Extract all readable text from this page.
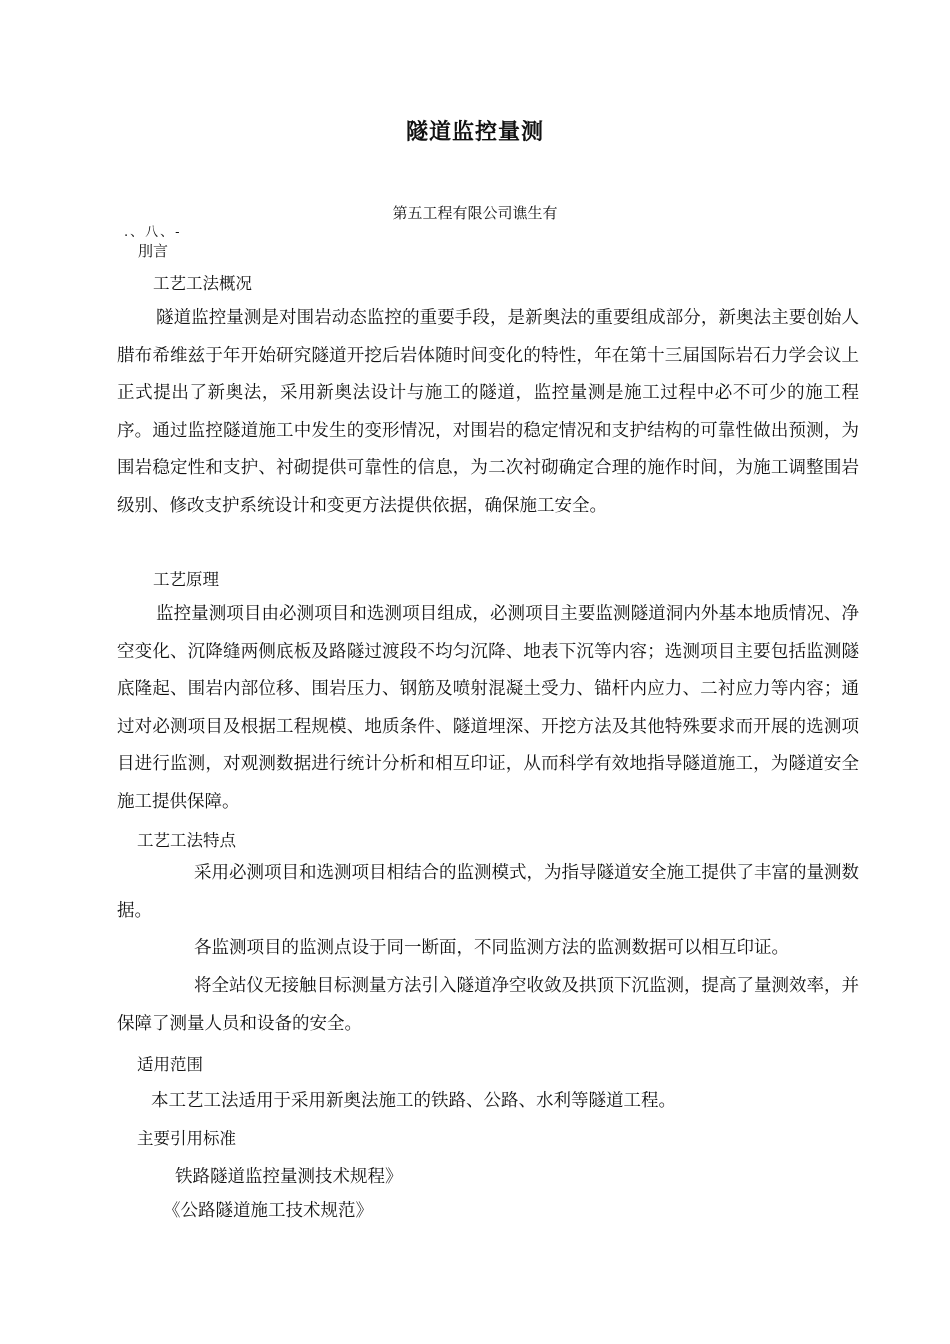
隧道监控量测
第五工程有限公司谯生有
.、八、-
刖言
工艺工法概况
隧道监控量测是对围岩动态监控的重要手段，是新奥法的重要组成部分，新奥法主要创始人腊布希维兹于年开始研究隧道开挖后岩体随时间变化的特性，年在第十三届国际岩石力学会议上正式提出了新奥法，采用新奥法设计与施工的隧道，监控量测是施工过程中必不可少的施工程序。通过监控隧道施工中发生的变形情况，对围岩的稳定情况和支护结构的可靠性做出预测，为围岩稳定性和支护、衬砌提供可靠性的信息，为二次衬砌确定合理的施作时间，为施工调整围岩级别、修改支护系统设计和变更方法提供依据，确保施工安全。
工艺原理
监控量测项目由必测项目和选测项目组成，必测项目主要监测隧道洞内外基本地质情况、净空变化、沉降缝两侧底板及路隧过渡段不均匀沉降、地表下沉等内容；选测项目主要包括监测隧底隆起、围岩内部位移、围岩压力、钢筋及喷射混凝土受力、锚杆内应力、二衬应力等内容；通过对必测项目及根据工程规模、地质条件、隧道埋深、开挖方法及其他特殊要求而开展的选测项目进行监测，对观测数据进行统计分析和相互印证，从而科学有效地指导隧道施工，为隧道安全施工提供保障。
工艺工法特点
采用必测项目和选测项目相结合的监测模式，为指导隧道安全施工提供了丰富的量测数据。
各监测项目的监测点设于同一断面，不同监测方法的监测数据可以相互印证。
将全站仪无接触目标测量方法引入隧道净空收敛及拱顶下沉监测，提高了量测效率，并保障了测量人员和设备的安全。
适用范围
本工艺工法适用于采用新奥法施工的铁路、公路、水利等隧道工程。
主要引用标准
铁路隧道监控量测技术规程》
《公路隧道施工技术规范》
